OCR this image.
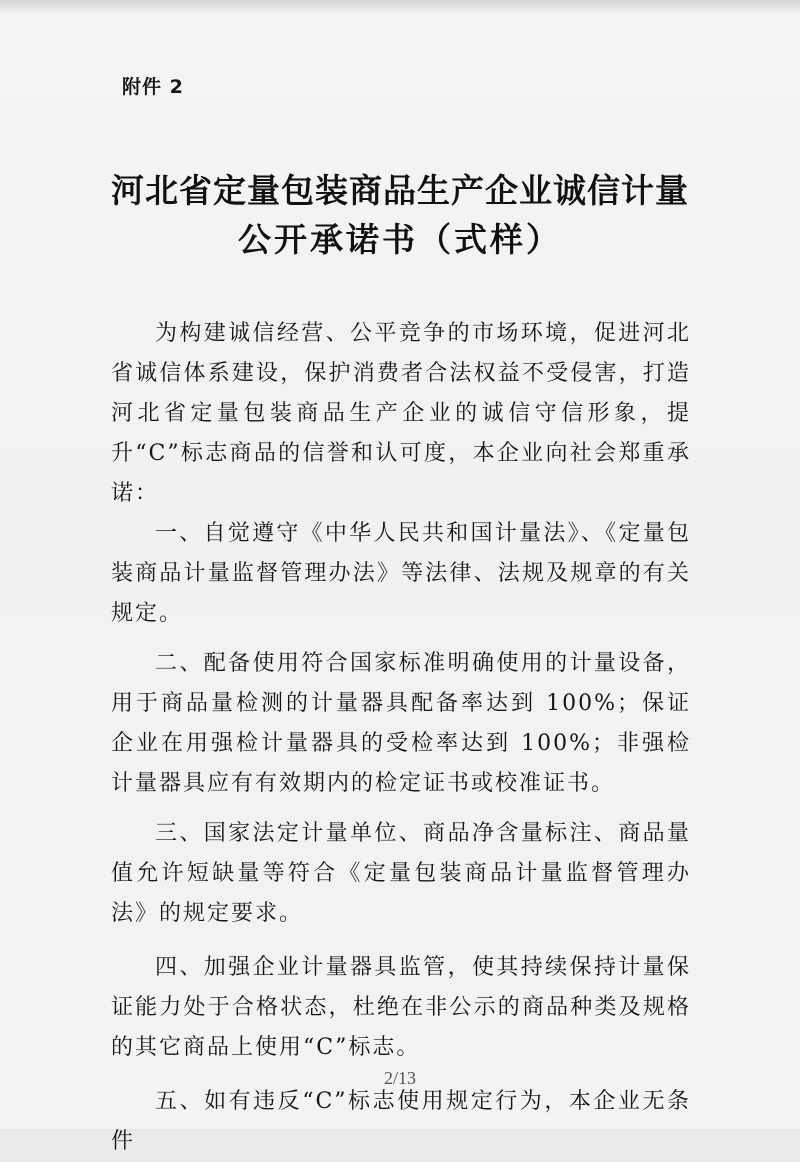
附件 2

河北省定量包装商品生产企业诚信计量
公开承诺书（式样）

为构建诚信经营、公平竞争的市场环境，促进河北省诚信体系建设，保护消费者合法权益不受侵害，打造河北省定量包装商品生产企业的诚信守信形象，提升“C”标志商品的信誉和认可度，本企业向社会郑重承诺：

一、自觉遵守《中华人民共和国计量法》、《定量包装商品计量监督管理办法》等法律、法规及规章的有关规定。

二、配备使用符合国家标准明确使用的计量设备，用于商品量检测的计量器具配备率达到 100%；保证企业在用强检计量器具的受检率达到 100%；非强检计量器具应有有效期内的检定证书或校准证书。

三、国家法定计量单位、商品净含量标注、商品量值允许短缺量等符合《定量包装商品计量监督管理办法》的规定要求。

四、加强企业计量器具监管，使其持续保持计量保证能力处于合格状态，杜绝在非公示的商品种类及规格的其它商品上使用“C”标志。

五、如有违反“C”标志使用规定行为，本企业无条件

2/13
